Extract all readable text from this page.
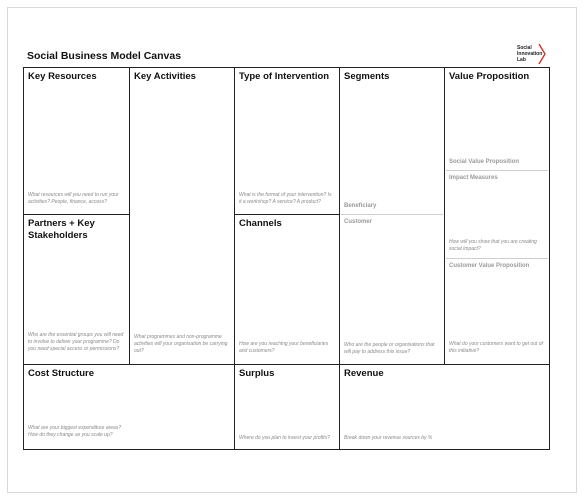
Social Business Model Canvas
Social
Innovation
Lab
Key Resources
What resources will you need to run your activities? People, finance, access?
Partners + Key Stakeholders
Who are the essential groups you will need to involve to deliver your programme? Do you need special access or permissions?
Key Activities
What programmes and non-programme activities will your organisation be carrying out?
Type of Intervention
What is the format of your intervention? Is it a workshop? A service? A product?
Channels
How are you reaching your beneficiaries and customers?
Segments
Beneficiary
Customer
Who are the people or organisations that will pay to address this issue?
Value Proposition
Social Value Proposition
Impact Measures
How will you show that you are creating social impact?
Customer Value Proposition
What do your customers want to get out of this initiative?
Cost Structure
What are your biggest expenditure areas? How do they change as you scale up?
Surplus
Where do you plan to invest your profits?
Revenue
Break down your revenue sources by %
